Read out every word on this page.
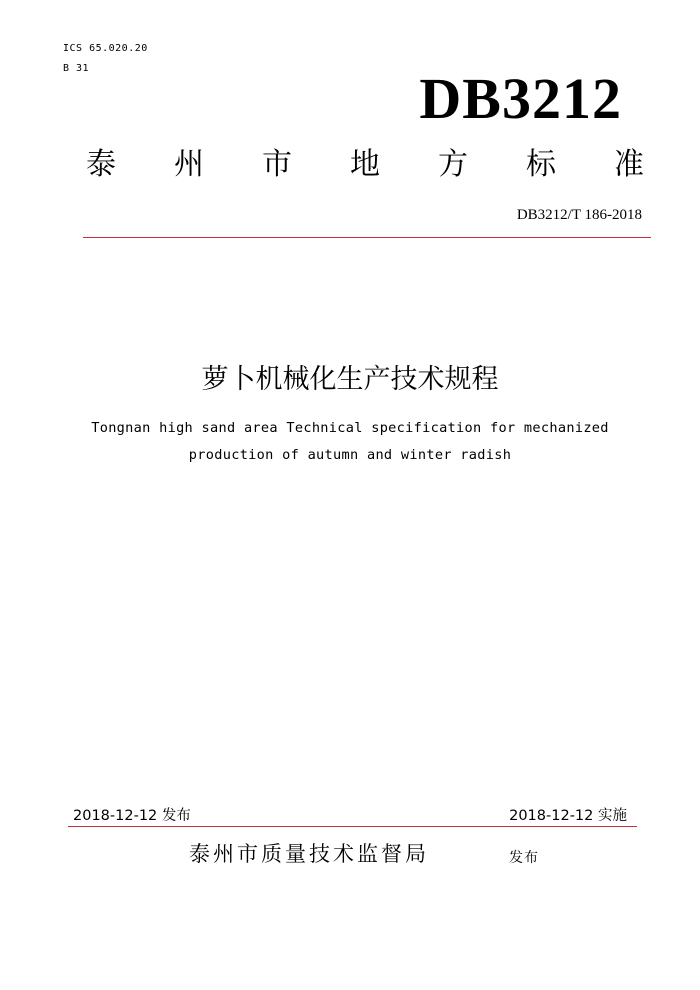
ICS 65.020.20
B 31	DB3212
泰 州 市 地 方 标 准
DB3212/T 186-2018
萝卜机械化生产技术规程
Tongnan high sand area Technical specification for mechanized
production of autumn and winter radish
2018-12-12 发布	2018-12-12 实施
泰州市质量技术监督局	发布
